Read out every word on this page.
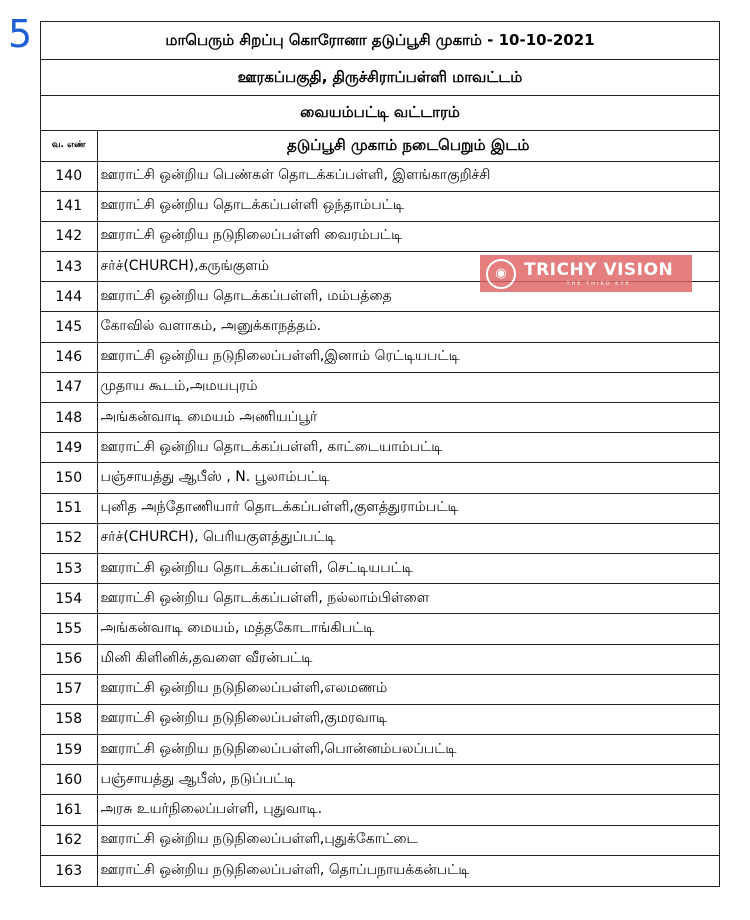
5	மாபெரும் சிறப்பு கொரோனா தடுப்பூசி முகாம் - 10-10-2021
ஊரகப்பகுதி, திருச்சிராப்பள்ளி மாவட்டம்
வையம்பட்டி வட்டாரம்
வ. எண்	தடுப்பூசி முகாம் நடைபெறும் இடம்
140	ஊராட்சி ஒன்றிய பெண்கள் தொடக்கப்பள்ளி, இளங்காகுறிச்சி
141	ஊராட்சி ஒன்றிய தொடக்கப்பள்ளி ஒந்தாம்பட்டி
142	ஊராட்சி ஒன்றிய நடுநிலைப்பள்ளி வைரம்பட்டி
143	சர்ச்(CHURCH),கருங்குளம்
144	ஊராட்சி ஒன்றிய தொடக்கப்பள்ளி, மம்பத்தை
145	கோவில் வளாகம், அனுக்காநத்தம்.
146	ஊராட்சி ஒன்றிய நடுநிலைப்பள்ளி,இனாம் ரெட்டியபட்டி
147	முதாய கூடம்,அமயபுரம்
148	அங்கன்வாடி மையம் அணியப்பூர்
149	ஊராட்சி ஒன்றிய தொடக்கப்பள்ளி, காட்டையாம்பட்டி
150	பஞ்சாயத்து ஆபீஸ் , N. பூலாம்பட்டி
151	புனித அந்தோணியார் தொடக்கப்பள்ளி,குளத்துராம்பட்டி
152	சர்ச்(CHURCH), பெரியகுளத்துப்பட்டி
153	ஊராட்சி ஒன்றிய தொடக்கப்பள்ளி, செட்டியபட்டி
154	ஊராட்சி ஒன்றிய தொடக்கப்பள்ளி, நல்லாம்பிள்ளை
155	அங்கன்வாடி மையம், மத்தகோடாங்கிபட்டி
156	மினி கிளினிக்,தவளை வீரன்பட்டி
157	ஊராட்சி ஒன்றிய நடுநிலைப்பள்ளி,எலமணம்
158	ஊராட்சி ஒன்றிய நடுநிலைப்பள்ளி,குமரவாடி
159	ஊராட்சி ஒன்றிய நடுநிலைப்பள்ளி,பொன்னம்பலப்பட்டி
160	பஞ்சாயத்து ஆபீஸ், நடுப்பட்டி
161	அரசு உயர்நிலைப்பள்ளி, புதுவாடி.
162	ஊராட்சி ஒன்றிய நடுநிலைப்பள்ளி,புதுக்கோட்டை
163	ஊராட்சி ஒன்றிய நடுநிலைப்பள்ளி, தொப்பநாயக்கன்பட்டி
◉	TRICHY VISION
THE THIRD EYE
